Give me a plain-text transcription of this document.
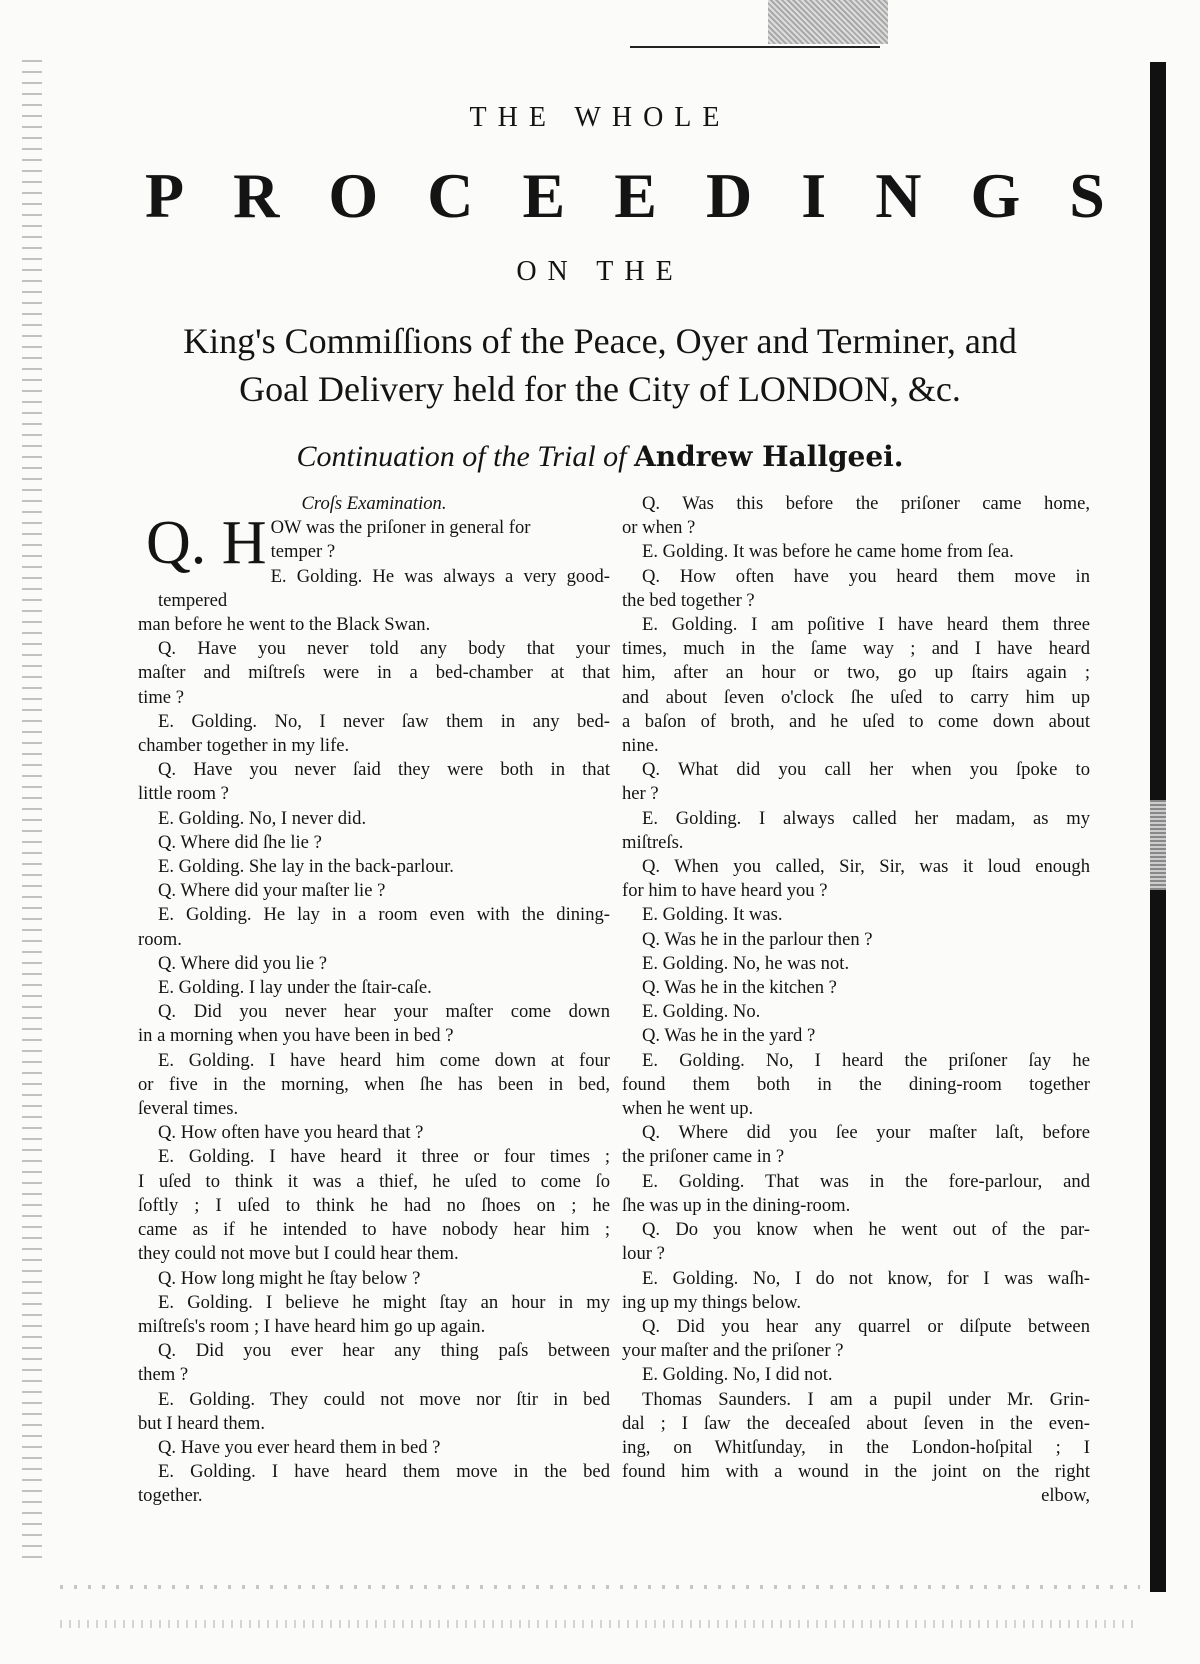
THE WHOLE
P R O C E E D I N G S
ON THE
King's Commiſſions of the Peace, Oyer and Terminer, and
Goal Delivery held for the City of LONDON, &c.
Continuation of the Trial of Andrew Hallgeei.
Croſs Examination.
Q. H OW was the priſoner in general for
temper ?
E. Golding. He was always a very good-tempered
man before he went to the Black Swan.
Q. Have you never told any body that your
maſter and miſtreſs were in a bed-chamber at that
time ?
E. Golding. No, I never ſaw them in any bed-
chamber together in my life.
Q. Have you never ſaid they were both in that
little room ?
E. Golding. No, I never did.
Q. Where did ſhe lie ?
E. Golding. She lay in the back-parlour.
Q. Where did your maſter lie ?
E. Golding. He lay in a room even with the dining-
room.
Q. Where did you lie ?
E. Golding. I lay under the ſtair-caſe.
Q. Did you never hear your maſter come down
in a morning when you have been in bed ?
E. Golding. I have heard him come down at four
or five in the morning, when ſhe has been in bed,
ſeveral times.
Q. How often have you heard that ?
E. Golding. I have heard it three or four times ;
I uſed to think it was a thief, he uſed to come ſo
ſoftly ; I uſed to think he had no ſhoes on ; he
came as if he intended to have nobody hear him ;
they could not move but I could hear them.
Q. How long might he ſtay below ?
E. Golding. I believe he might ſtay an hour in my
miſtreſs's room ; I have heard him go up again.
Q. Did you ever hear any thing paſs between
them ?
E. Golding. They could not move nor ſtir in bed
but I heard them.
Q. Have you ever heard them in bed ?
E. Golding. I have heard them move in the bed
together.
Q. Was this before the priſoner came home,
or when ?
E. Golding. It was before he came home from ſea.
Q. How often have you heard them move in
the bed together ?
E. Golding. I am poſitive I have heard them three
times, much in the ſame way ; and I have heard
him, after an hour or two, go up ſtairs again ;
and about ſeven o'clock ſhe uſed to carry him up
a baſon of broth, and he uſed to come down about
nine.
Q. What did you call her when you ſpoke to
her ?
E. Golding. I always called her madam, as my
miſtreſs.
Q. When you called, Sir, Sir, was it loud enough
for him to have heard you ?
E. Golding. It was.
Q. Was he in the parlour then ?
E. Golding. No, he was not.
Q. Was he in the kitchen ?
E. Golding. No.
Q. Was he in the yard ?
E. Golding. No, I heard the priſoner ſay he
found them both in the dining-room together
when he went up.
Q. Where did you ſee your maſter laſt, before
the priſoner came in ?
E. Golding. That was in the fore-parlour, and
ſhe was up in the dining-room.
Q. Do you know when he went out of the par-
lour ?
E. Golding. No, I do not know, for I was waſh-
ing up my things below.
Q. Did you hear any quarrel or diſpute between
your maſter and the priſoner ?
E. Golding. No, I did not.
Thomas Saunders. I am a pupil under Mr. Grin-
dal ; I ſaw the deceaſed about ſeven in the even-
ing, on Whitſunday, in the London-hoſpital ; I
found him with a wound in the joint on the right
elbow,
